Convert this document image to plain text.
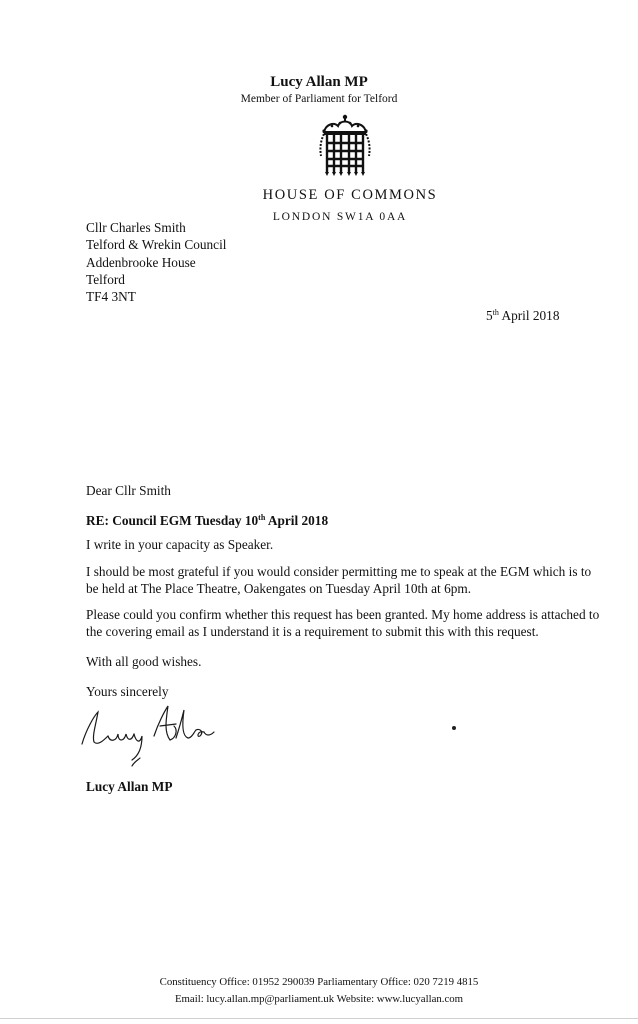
Lucy Allan MP
Member of Parliament for Telford
HOUSE OF COMMONS
LONDON SW1A 0AA
Cllr Charles Smith
Telford & Wrekin Council
Addenbrooke House
Telford
TF4 3NT
5th April 2018
Dear Cllr Smith
RE: Council EGM Tuesday 10th April 2018
I write in your capacity as Speaker.
I should be most grateful if you would consider permitting me to speak at the EGM which is to be held at The Place Theatre, Oakengates on Tuesday April 10th at 6pm.
Please could you confirm whether this request has been granted. My home address is attached to the covering email as I understand it is a requirement to submit this with this request.
With all good wishes.
Yours sincerely
Lucy Allan MP
Constituency Office: 01952 290039 Parliamentary Office: 020 7219 4815
Email: lucy.allan.mp@parliament.uk Website: www.lucyallan.com
